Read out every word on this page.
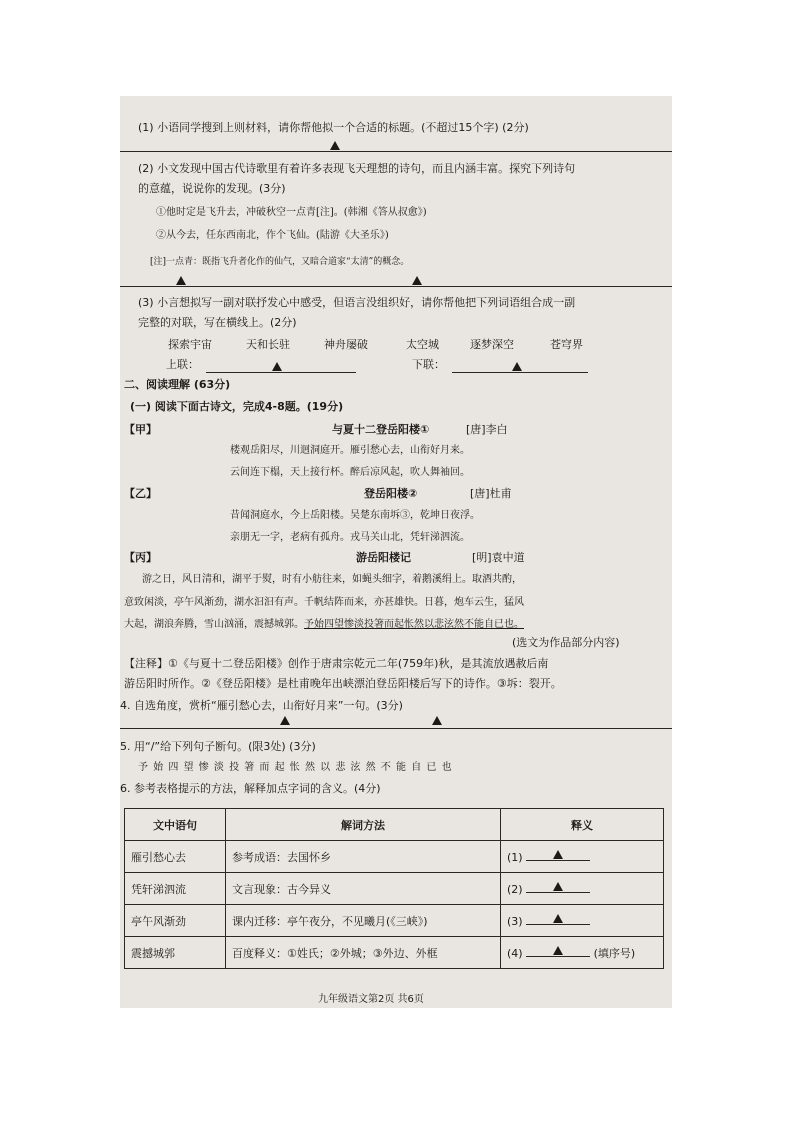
(1) 小语同学搜到上则材料，请你帮他拟一个合适的标题。(不超过15个字) (2分)
(2) 小文发现中国古代诗歌里有着许多表现飞天理想的诗句，而且内涵丰富。探究下列诗句
的意蕴，说说你的发现。(3分)
①他时定是飞升去，冲破秋空一点青[注]。(韩湘《答从叔愈》)
②从今去，任东西南北，作个飞仙。(陆游《大圣乐》)
[注]一点青：既指飞升者化作的仙气，又暗合道家“太清”的概念。
(3) 小言想拟写一副对联抒发心中感受，但语言没组织好，请你帮他把下列词语组合成一副
完整的对联，写在横线上。(2分)
探索宇宙	天和长驻	神舟屡破	太空城	逐梦深空	苍穹界
上联：	下联：
二、阅读理解 (63分)
(一) 阅读下面古诗文，完成4-8题。(19分)
【甲】	与夏十二登岳阳楼①	[唐]李白
楼观岳阳尽，川迥洞庭开。雁引愁心去，山衔好月来。
云间连下榻，天上接行杯。醉后凉风起，吹人舞袖回。
【乙】	登岳阳楼②	[唐]杜甫
昔闻洞庭水，今上岳阳楼。吴楚东南坼③，乾坤日夜浮。
亲朋无一字，老病有孤舟。戎马关山北，凭轩涕泗流。
【丙】	游岳阳楼记	[明]袁中道
游之日，风日清和，湖平于熨，时有小舫往来，如蝇头细字，着鹅溪绢上。取酒共酌，
意致闲淡，亭午风渐劲，湖水汩汩有声。千帆结阵而来，亦甚雄快。日暮，炮车云生，猛风
大起，湖浪奔腾，雪山汹涌，震撼城郭。予始四望惨淡投箸而起怅然以悲泫然不能自已也。
(选文为作品部分内容)
【注释】①《与夏十二登岳阳楼》创作于唐肃宗乾元二年(759年)秋，是其流放遇赦后南
游岳阳时所作。②《登岳阳楼》是杜甫晚年出峡漂泊登岳阳楼后写下的诗作。③坼：裂开。
4. 自选角度，赏析“雁引愁心去，山衔好月来”一句。(3分)
5. 用“/”给下列句子断句。(限3处) (3分)
予 始 四 望 惨 淡 投 箸 而 起 怅 然 以 悲 泫 然 不 能 自 已 也
6. 参考表格提示的方法，解释加点字词的含义。(4分)
文中语句	解词方法	释义
雁引愁心去	参考成语：去国怀乡	(1)

凭轩涕泗流	文言现象：古今异义	(2)

亭午风渐劲	课内迁移：亭午夜分，不见曦月(《三峡》)	(3)

震撼城郭	百度释义：①姓氏；②外城；③外边、外框	(4) (填序号)
九年级语文第2页 共6页
